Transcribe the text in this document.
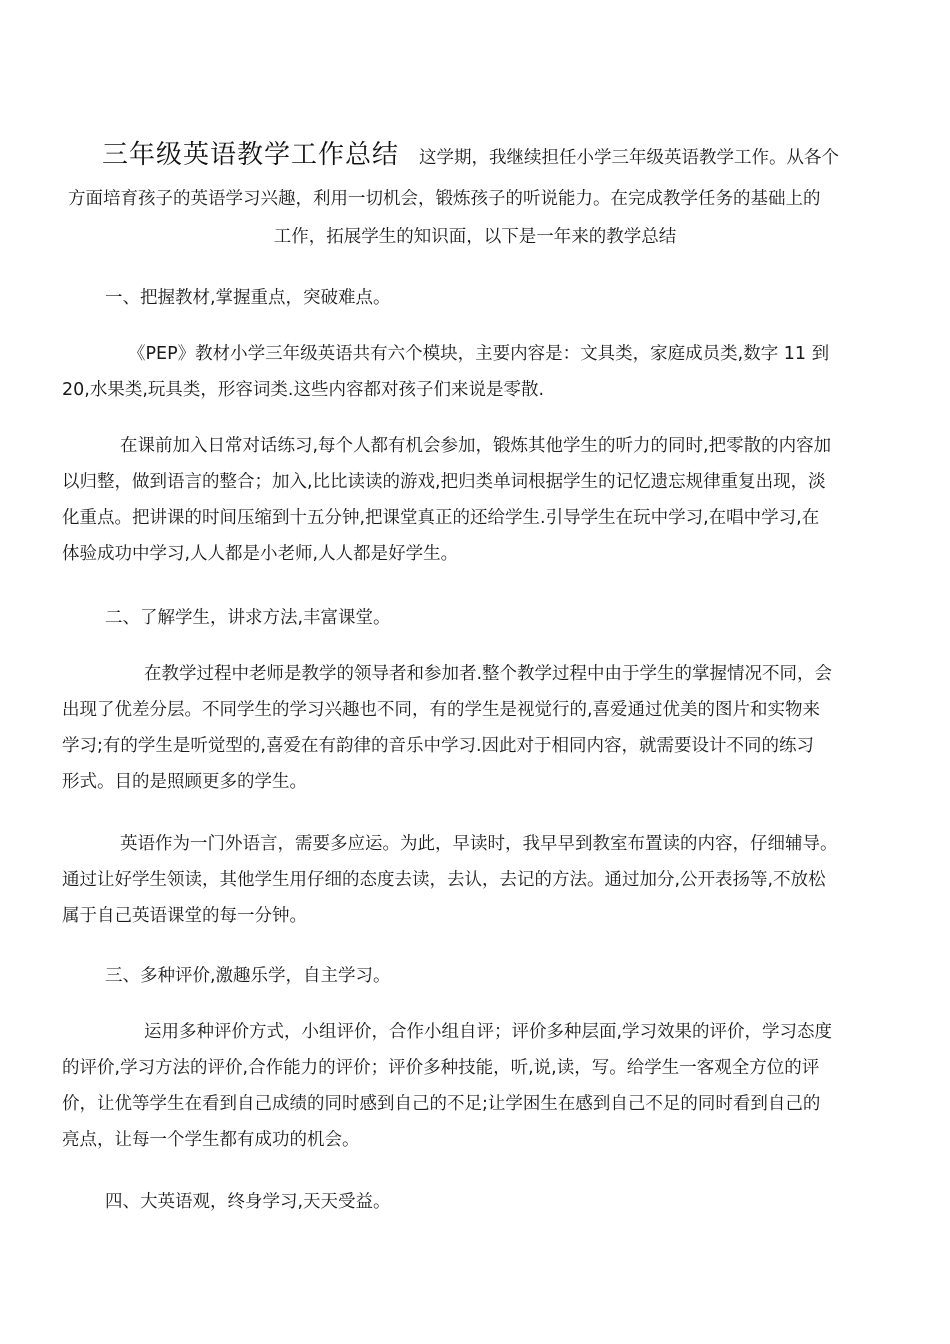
三年级英语教学工作总结 这学期，我继续担任小学三年级英语教学工作。从各个
方面培育孩子的英语学习兴趣，利用一切机会，锻炼孩子的听说能力。在完成教学任务的基础上的
工作，拓展学生的知识面，以下是一年来的教学总结
一、把握教材,掌握重点，突破难点。
《PEP》教材小学三年级英语共有六个模块，主要内容是：文具类，家庭成员类,数字 11 到
20,水果类,玩具类，形容词类.这些内容都对孩子们来说是零散.
在课前加入日常对话练习,每个人都有机会参加，锻炼其他学生的听力的同时,把零散的内容加
以归整，做到语言的整合；加入,比比读读的游戏,把归类单词根据学生的记忆遗忘规律重复出现，淡
化重点。把讲课的时间压缩到十五分钟,把课堂真正的还给学生.引导学生在玩中学习,在唱中学习,在
体验成功中学习,人人都是小老师,人人都是好学生。
二、了解学生，讲求方法,丰富课堂。
在教学过程中老师是教学的领导者和参加者.整个教学过程中由于学生的掌握情况不同，会
出现了优差分层。不同学生的学习兴趣也不同，有的学生是视觉行的,喜爱通过优美的图片和实物来
学习;有的学生是听觉型的,喜爱在有韵律的音乐中学习.因此对于相同内容，就需要设计不同的练习
形式。目的是照顾更多的学生。
英语作为一门外语言，需要多应运。为此，早读时，我早早到教室布置读的内容，仔细辅导。
通过让好学生领读，其他学生用仔细的态度去读，去认，去记的方法。通过加分,公开表扬等,不放松
属于自己英语课堂的每一分钟。
三、多种评价,激趣乐学，自主学习。
运用多种评价方式，小组评价，合作小组自评；评价多种层面,学习效果的评价，学习态度
的评价,学习方法的评价,合作能力的评价；评价多种技能，听,说,读，写。给学生一客观全方位的评
价，让优等学生在看到自己成绩的同时感到自己的不足;让学困生在感到自己不足的同时看到自己的
亮点，让每一个学生都有成功的机会。
四、大英语观，终身学习,天天受益。
